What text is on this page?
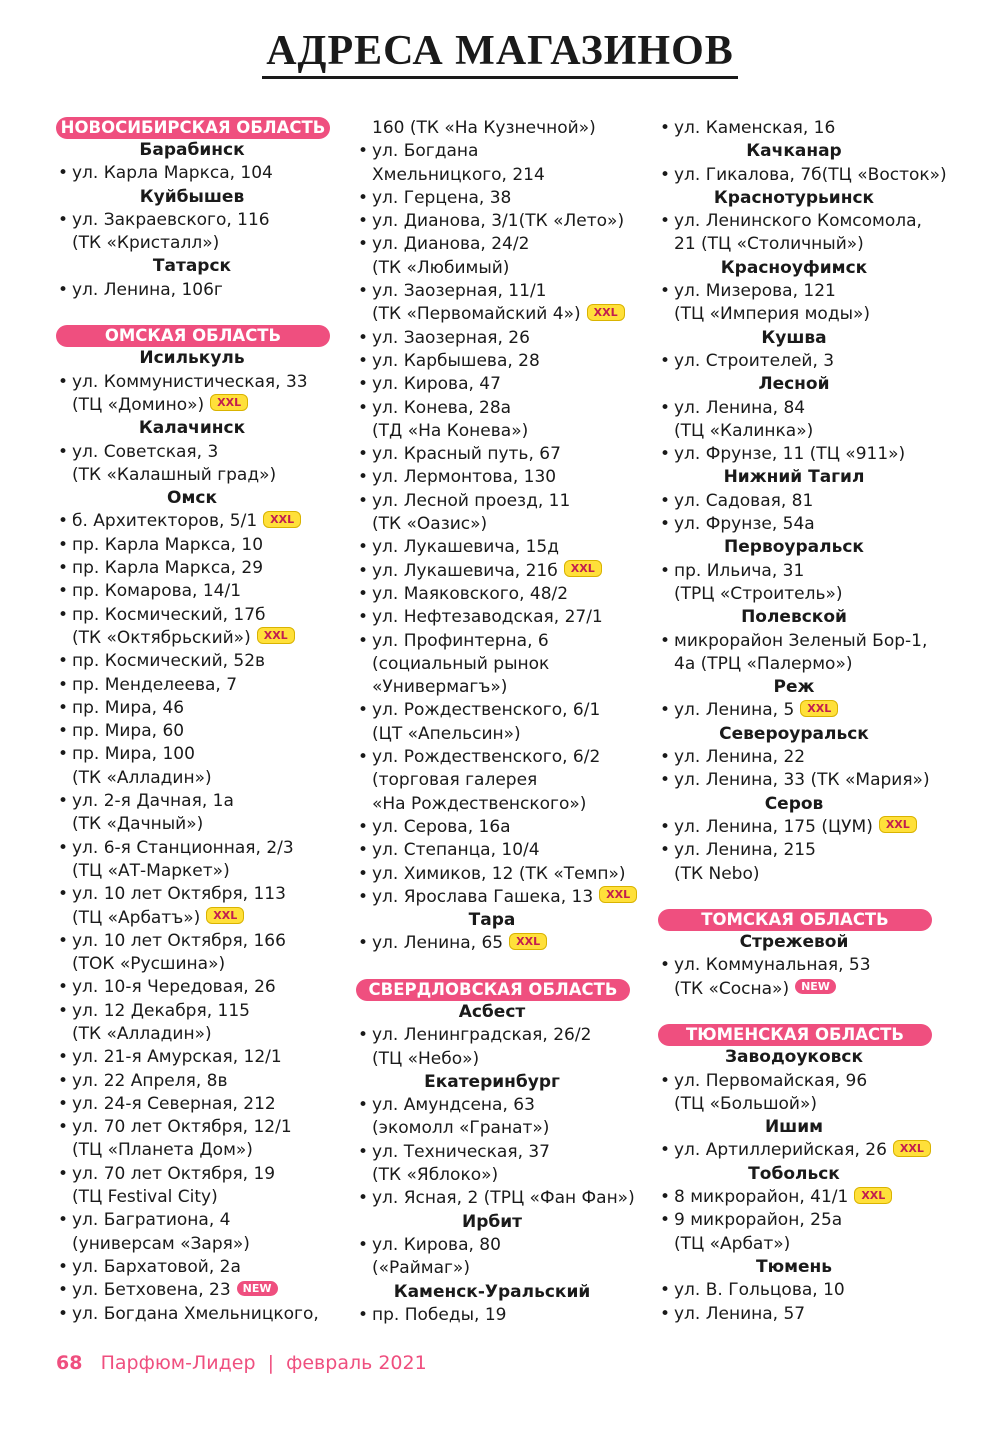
АДРЕСА МАГАЗИНОВ
НОВОСИБИРСКАЯ ОБЛАСТЬ
Барабинск
• ул. Карла Маркса, 104
Куйбышев
• ул. Закраевского, 116
(ТК «Кристалл»)
Татарск
• ул. Ленина, 106г
ОМСКАЯ ОБЛАСТЬ
Исилькуль
• ул. Коммунистическая, 33
(ТЦ «Домино») XXL
Калачинск
• ул. Советская, 3
(ТК «Калашный град»)
Омск
• б. Архитекторов, 5/1 XXL
• пр. Карла Маркса, 10
• пр. Карла Маркса, 29
• пр. Комарова, 14/1
• пр. Космический, 17б
(ТК «Октябрьский») XXL
• пр. Космический, 52в
• пр. Менделеева, 7
• пр. Мира, 46
• пр. Мира, 60
• пр. Мира, 100
(ТК «Алладин»)
• ул. 2-я Дачная, 1а
(ТК «Дачный»)
• ул. 6-я Станционная, 2/3
(ТЦ «АТ-Маркет»)
• ул. 10 лет Октября, 113
(ТЦ «Арбатъ») XXL
• ул. 10 лет Октября, 166
(ТОК «Русшина»)
• ул. 10-я Чередовая, 26
• ул. 12 Декабря, 115
(ТК «Алладин»)
• ул. 21-я Амурская, 12/1
• ул. 22 Апреля, 8в
• ул. 24-я Северная, 212
• ул. 70 лет Октября, 12/1
(ТЦ «Планета Дом»)
• ул. 70 лет Октября, 19
(ТЦ Festival City)
• ул. Багратиона, 4
(универсам «Заря»)
• ул. Бархатовой, 2а
• ул. Бетховена, 23 NEW
• ул. Богдана Хмельницкого,
160 (ТК «На Кузнечной»)
• ул. Богдана
Хмельницкого, 214
• ул. Герцена, 38
• ул. Дианова, 3/1(ТК «Лето»)
• ул. Дианова, 24/2
(ТК «Любимый)
• ул. Заозерная, 11/1
(ТК «Первомайский 4») XXL
• ул. Заозерная, 26
• ул. Карбышева, 28
• ул. Кирова, 47
• ул. Конева, 28а
(ТД «На Конева»)
• ул. Красный путь, 67
• ул. Лермонтова, 130
• ул. Лесной проезд, 11
(ТК «Оазис»)
• ул. Лукашевича, 15д
• ул. Лукашевича, 21б XXL
• ул. Маяковского, 48/2
• ул. Нефтезаводская, 27/1
• ул. Профинтерна, 6
(социальный рынок
«Универмагъ»)
• ул. Рождественского, 6/1
(ЦТ «Апельсин»)
• ул. Рождественского, 6/2
(торговая галерея
«На Рождественского»)
• ул. Серова, 16а
• ул. Степанца, 10/4
• ул. Химиков, 12 (ТК «Темп»)
• ул. Ярослава Гашека, 13 XXL
Тара
• ул. Ленина, 65 XXL
СВЕРДЛОВСКАЯ ОБЛАСТЬ
Асбест
• ул. Ленинградская, 26/2
(ТЦ «Небо»)
Екатеринбург
• ул. Амундсена, 63
(экомолл «Гранат»)
• ул. Техническая, 37
(ТК «Яблоко»)
• ул. Ясная, 2 (ТРЦ «Фан Фан»)
Ирбит
• ул. Кирова, 80
(«Раймаг»)
Каменск-Уральский
• пр. Победы, 19
• ул. Каменская, 16
Качканар
• ул. Гикалова, 7б(ТЦ «Восток»)
Краснотурьинск
• ул. Ленинского Комсомола,
21 (ТЦ «Столичный»)
Красноуфимск
• ул. Мизерова, 121
(ТЦ «Империя моды»)
Кушва
• ул. Строителей, 3
Лесной
• ул. Ленина, 84
(ТЦ «Калинка»)
• ул. Фрунзе, 11 (ТЦ «911»)
Нижний Тагил
• ул. Садовая, 81
• ул. Фрунзе, 54а
Первоуральск
• пр. Ильича, 31
(ТРЦ «Строитель»)
Полевской
• микрорайон Зеленый Бор-1,
4а (ТРЦ «Палермо»)
Реж
• ул. Ленина, 5 XXL
Североуральск
• ул. Ленина, 22
• ул. Ленина, 33 (ТК «Мария»)
Серов
• ул. Ленина, 175 (ЦУМ) XXL
• ул. Ленина, 215
(ТК Nebo)
ТОМСКАЯ ОБЛАСТЬ
Стрежевой
• ул. Коммунальная, 53
(ТК «Сосна») NEW
ТЮМЕНСКАЯ ОБЛАСТЬ
Заводоуковск
• ул. Первомайская, 96
(ТЦ «Большой»)
Ишим
• ул. Артиллерийская, 26 XXL
Тобольск
• 8 микрорайон, 41/1 XXL
• 9 микрорайон, 25а
(ТЦ «Арбат»)
Тюмень
• ул. В. Гольцова, 10
• ул. Ленина, 57
68 Парфюм-Лидер | февраль 2021
